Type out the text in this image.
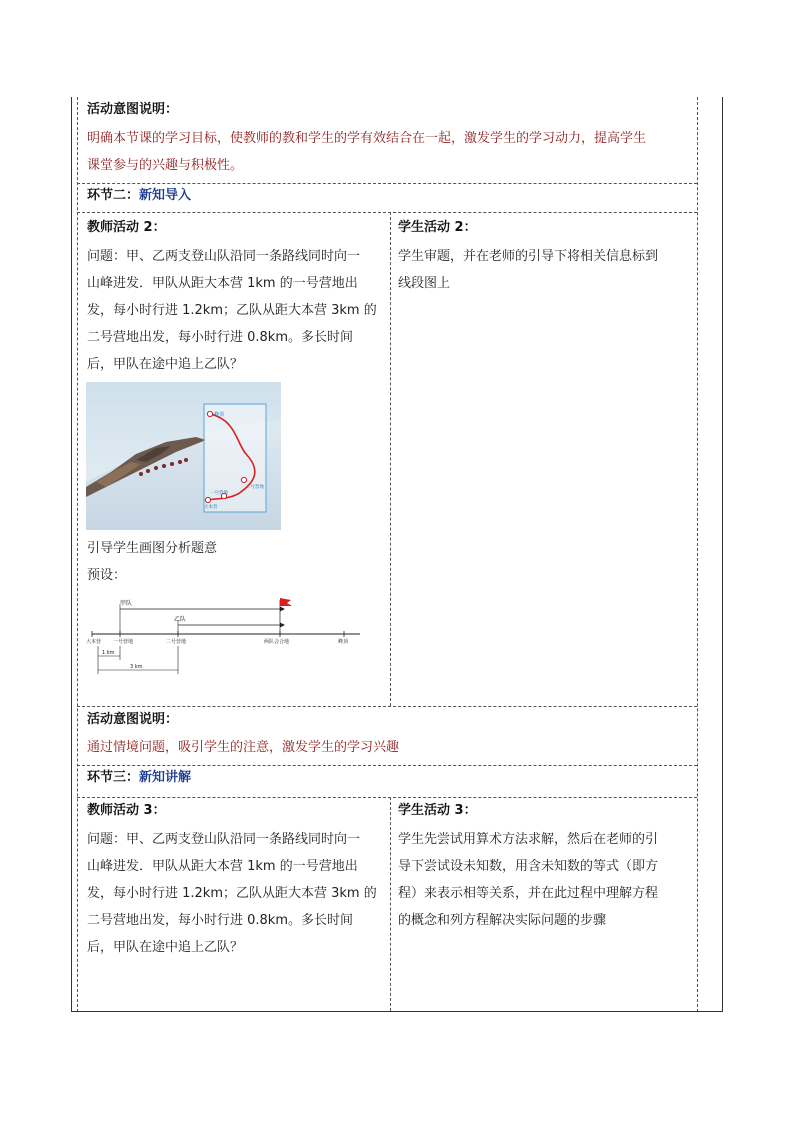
活动意图说明：
明确本节课的学习目标，使教师的教和学生的学有效结合在一起，激发学生的学习动力，提高学生
课堂参与的兴趣与积极性。
环节二：新知导入
教师活动 2：
问题：甲、乙两支登山队沿同一条路线同时向一
山峰进发．甲队从距大本营 1km 的一号营地出
发，每小时行进 1.2km；乙队从距大本营 3km 的
二号营地出发，每小时行进 0.8km。多长时间
后，甲队在途中追上乙队？
峰顶
二号营地
一号营地
大本营
引导学生画图分析题意
预设：
甲队
乙队
大本营 一号营地	二号营地	两队会合地	峰顶
1 km
3 km
学生活动 2：
学生审题，并在老师的引导下将相关信息标到
线段图上
活动意图说明：
通过情境问题，吸引学生的注意，激发学生的学习兴趣
环节三：新知讲解
教师活动 3：
问题：甲、乙两支登山队沿同一条路线同时向一
山峰进发．甲队从距大本营 1km 的一号营地出
发，每小时行进 1.2km；乙队从距大本营 3km 的
二号营地出发，每小时行进 0.8km。多长时间
后，甲队在途中追上乙队？
学生活动 3：
学生先尝试用算术方法求解，然后在老师的引
导下尝试设未知数，用含未知数的等式（即方
程）来表示相等关系，并在此过程中理解方程
的概念和列方程解决实际问题的步骤
